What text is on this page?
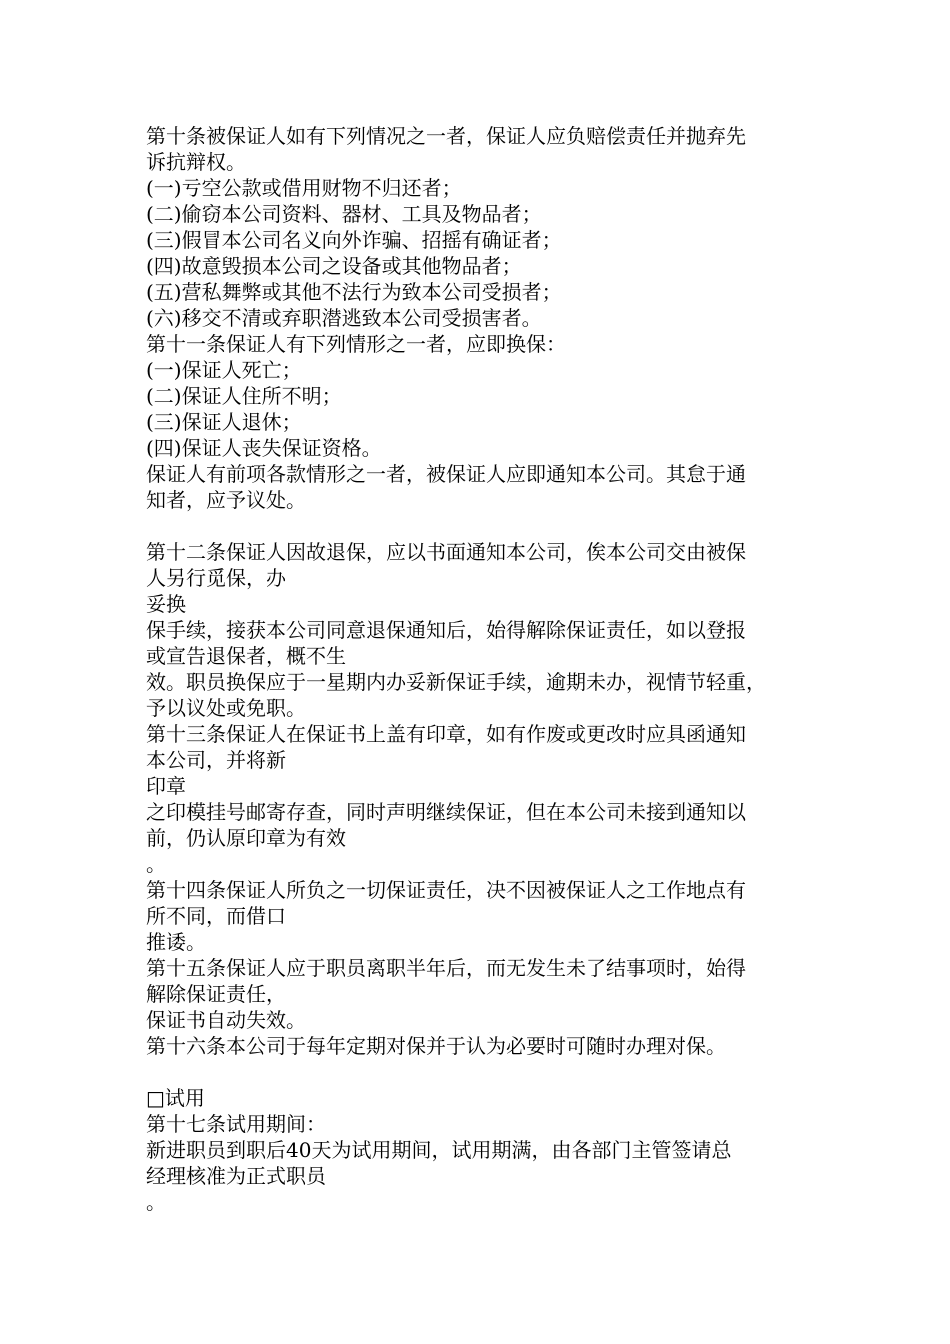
第十条被保证人如有下列情况之一者，保证人应负赔偿责任并抛弃先
诉抗辩权。
(一)亏空公款或借用财物不归还者；
(二)偷窃本公司资料、器材、工具及物品者；
(三)假冒本公司名义向外诈骗、招摇有确证者；
(四)故意毁损本公司之设备或其他物品者；
(五)营私舞弊或其他不法行为致本公司受损者；
(六)移交不清或弃职潜逃致本公司受损害者。
第十一条保证人有下列情形之一者，应即换保：
(一)保证人死亡；
(二)保证人住所不明；
(三)保证人退休；
(四)保证人丧失保证资格。
保证人有前项各款情形之一者，被保证人应即通知本公司。其怠于通
知者，应予议处。
第十二条保证人因故退保，应以书面通知本公司，俟本公司交由被保
人另行觅保，办
妥换
保手续，接获本公司同意退保通知后，始得解除保证责任，如以登报
或宣告退保者，概不生
效。职员换保应于一星期内办妥新保证手续，逾期未办，视情节轻重，
予以议处或免职。
第十三条保证人在保证书上盖有印章，如有作废或更改时应具函通知
本公司，并将新
印章
之印模挂号邮寄存查，同时声明继续保证，但在本公司未接到通知以
前，仍认原印章为有效
。
第十四条保证人所负之一切保证责任，决不因被保证人之工作地点有
所不同，而借口
推诿。
第十五条保证人应于职员离职半年后，而无发生未了结事项时，始得
解除保证责任，
保证书自动失效。
第十六条本公司于每年定期对保并于认为必要时可随时办理对保。
□试用
第十七条试用期间：
新进职员到职后40天为试用期间，试用期满，由各部门主管签请总
经理核准为正式职员
。
